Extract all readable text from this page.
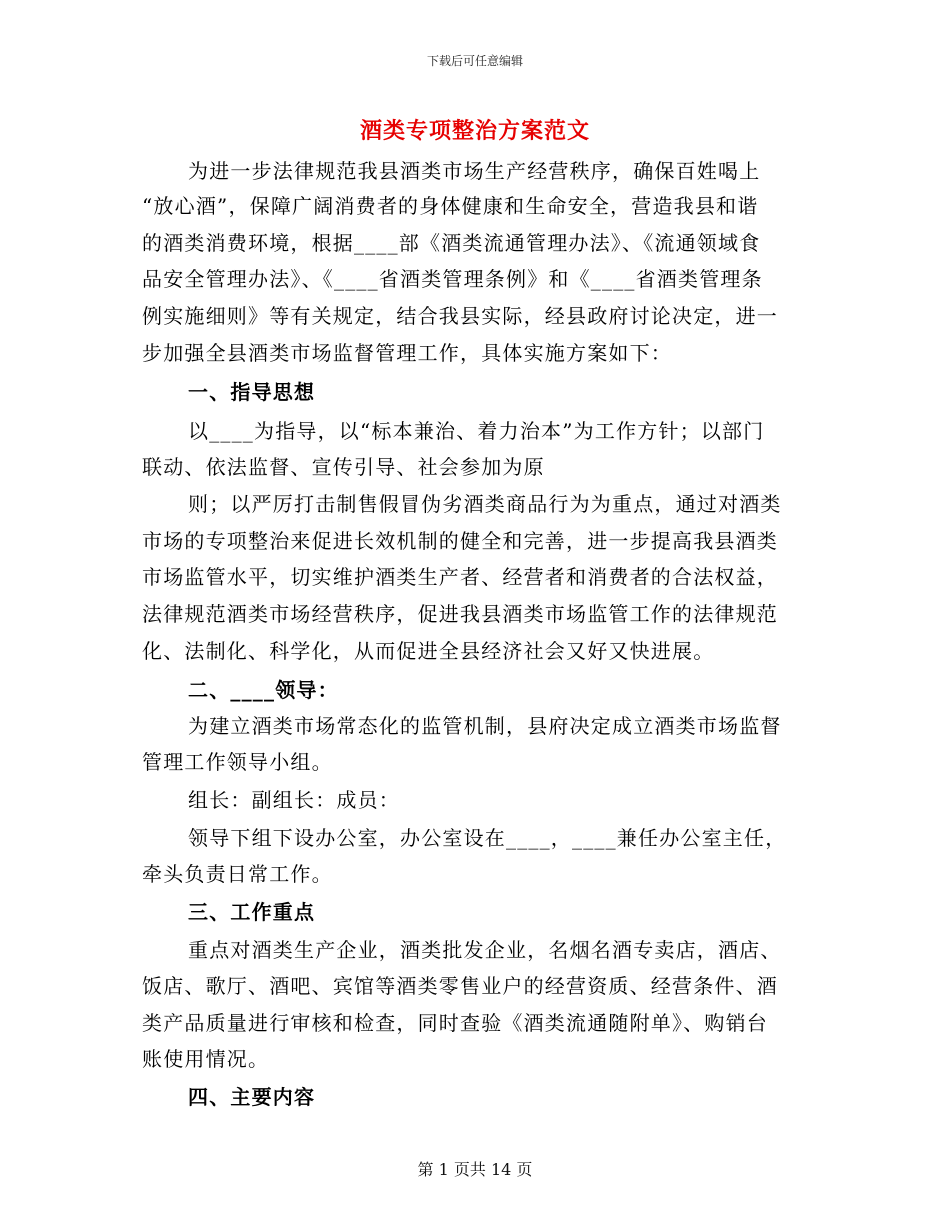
下载后可任意编辑
酒类专项整治方案范文
为进一步法律规范我县酒类市场生产经营秩序，确保百姓喝上
“放心酒”，保障广阔消费者的身体健康和生命安全，营造我县和谐
的酒类消费环境，根据____部《酒类流通管理办法》、《流通领域食
品安全管理办法》、《____省酒类管理条例》和《____省酒类管理条
例实施细则》等有关规定，结合我县实际，经县政府讨论决定，进一
步加强全县酒类市场监督管理工作，具体实施方案如下：
一、指导思想
以____为指导，以“标本兼治、着力治本”为工作方针；以部门
联动、依法监督、宣传引导、社会参加为原
则；以严厉打击制售假冒伪劣酒类商品行为为重点，通过对酒类
市场的专项整治来促进长效机制的健全和完善，进一步提高我县酒类
市场监管水平，切实维护酒类生产者、经营者和消费者的合法权益，
法律规范酒类市场经营秩序，促进我县酒类市场监管工作的法律规范
化、法制化、科学化，从而促进全县经济社会又好又快进展。
二、____领导：
为建立酒类市场常态化的监管机制，县府决定成立酒类市场监督
管理工作领导小组。
组长：副组长：成员：
领导下组下设办公室，办公室设在____，____兼任办公室主任，
牵头负责日常工作。
三、工作重点
重点对酒类生产企业，酒类批发企业，名烟名酒专卖店，酒店、
饭店、歌厅、酒吧、宾馆等酒类零售业户的经营资质、经营条件、酒
类产品质量进行审核和检查，同时查验《酒类流通随附单》、购销台
账使用情况。
四、主要内容
第 1 页共 14 页
